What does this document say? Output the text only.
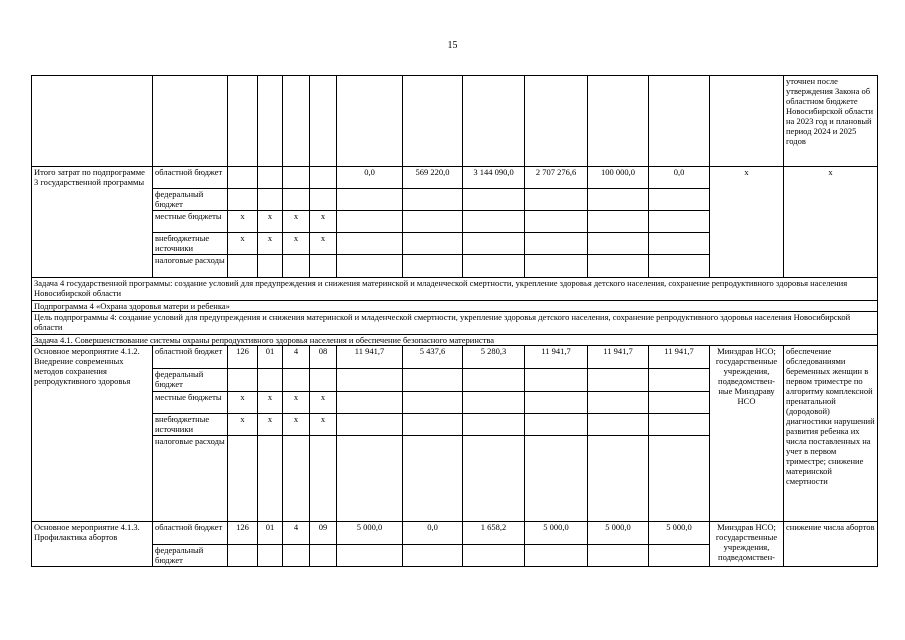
15
													уточнен после утверждения Закона об областном бюджете Новосибирской области на 2023 год и плановый период 2024 и 2025 годов
Итого затрат по подпрограмме 3 государственной программы	областной бюджет					0,0	569 220,0	3 144 090,0	2 707 276,6	100 000,0	0,0	х	х
	федеральный бюджет												
	местные бюджеты	х	х	х	х								
	внебюджетные источники	х	х	х	х								
	налоговые расходы												
Задача 4 государственной программы: создание условий для предупреждения и снижения материнской и младенческой смертности, укрепление здоровья детского населения, сохранение репродуктивного здоровья населения Новосибирской области													
Подпрограмма 4 «Охрана здоровья матери и ребенка»													
Цель подпрограммы 4: создание условий для предупреждения и снижения материнской и младенческой смертности, укрепление здоровья детского населения, сохранение репродуктивного здоровья населения Новосибирской области													
Задача 4.1. Совершенствование системы охраны репродуктивного здоровья населения и обеспечение безопасного материнства													
Основное мероприятие 4.1.2. Внедрение современных методов сохранения репродуктивного здоровья	областной бюджет	126	01	4	08	11 941,7	5 437,6	5 280,3	11 941,7	11 941,7	11 941,7	Минздрав НСО; государственные учреждения, подведомствен-ные Минздраву НСО	обеспечение обследованиями беременных женщин в первом триместре по алгоритму комплексной пренатальной (дородовой) диагностики нарушений развития ребенка их числа поставленных на учет в первом триместре; снижение материнской смертности
	федеральный бюджет												
	местные бюджеты	х	х	х	х								
	внебюджетные источники	х	х	х	х								
	налоговые расходы												
Основное мероприятие 4.1.3. Профилактика абортов	областной бюджет	126	01	4	09	5 000,0	0,0	1 658,2	5 000,0	5 000,0	5 000,0	Минздрав НСО; государственные учреждения, подведомствен-	снижение числа абортов
	федеральный бюджет												
